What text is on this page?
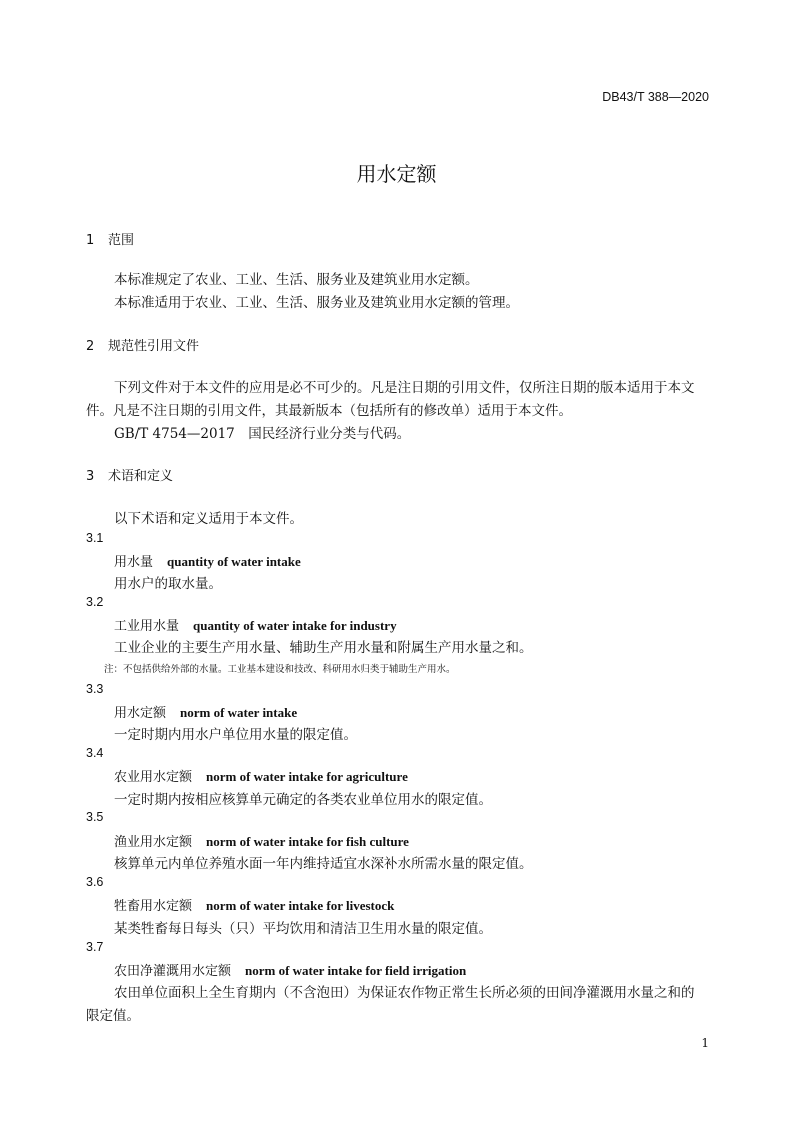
DB43/T 388—2020
用水定额
1 范围
本标准规定了农业、工业、生活、服务业及建筑业用水定额。
本标准适用于农业、工业、生活、服务业及建筑业用水定额的管理。
2 规范性引用文件
下列文件对于本文件的应用是必不可少的。凡是注日期的引用文件，仅所注日期的版本适用于本文
件。凡是不注日期的引用文件，其最新版本（包括所有的修改单）适用于本文件。
GB/T 4754—2017　国民经济行业分类与代码。
3 术语和定义
以下术语和定义适用于本文件。
3.1
用水量 quantity of water intake
用水户的取水量。
3.2
工业用水量 quantity of water intake for industry
工业企业的主要生产用水量、辅助生产用水量和附属生产用水量之和。
注：不包括供给外部的水量。工业基本建设和技改、科研用水归类于辅助生产用水。
3.3
用水定额 norm of water intake
一定时期内用水户单位用水量的限定值。
3.4
农业用水定额 norm of water intake for agriculture
一定时期内按相应核算单元确定的各类农业单位用水的限定值。
3.5
渔业用水定额 norm of water intake for fish culture
核算单元内单位养殖水面一年内维持适宜水深补水所需水量的限定值。
3.6
牲畜用水定额 norm of water intake for livestock
某类牲畜每日每头（只）平均饮用和清洁卫生用水量的限定值。
3.7
农田净灌溉用水定额 norm of water intake for field irrigation
农田单位面积上全生育期内（不含泡田）为保证农作物正常生长所必须的田间净灌溉用水量之和的
限定值。
1
